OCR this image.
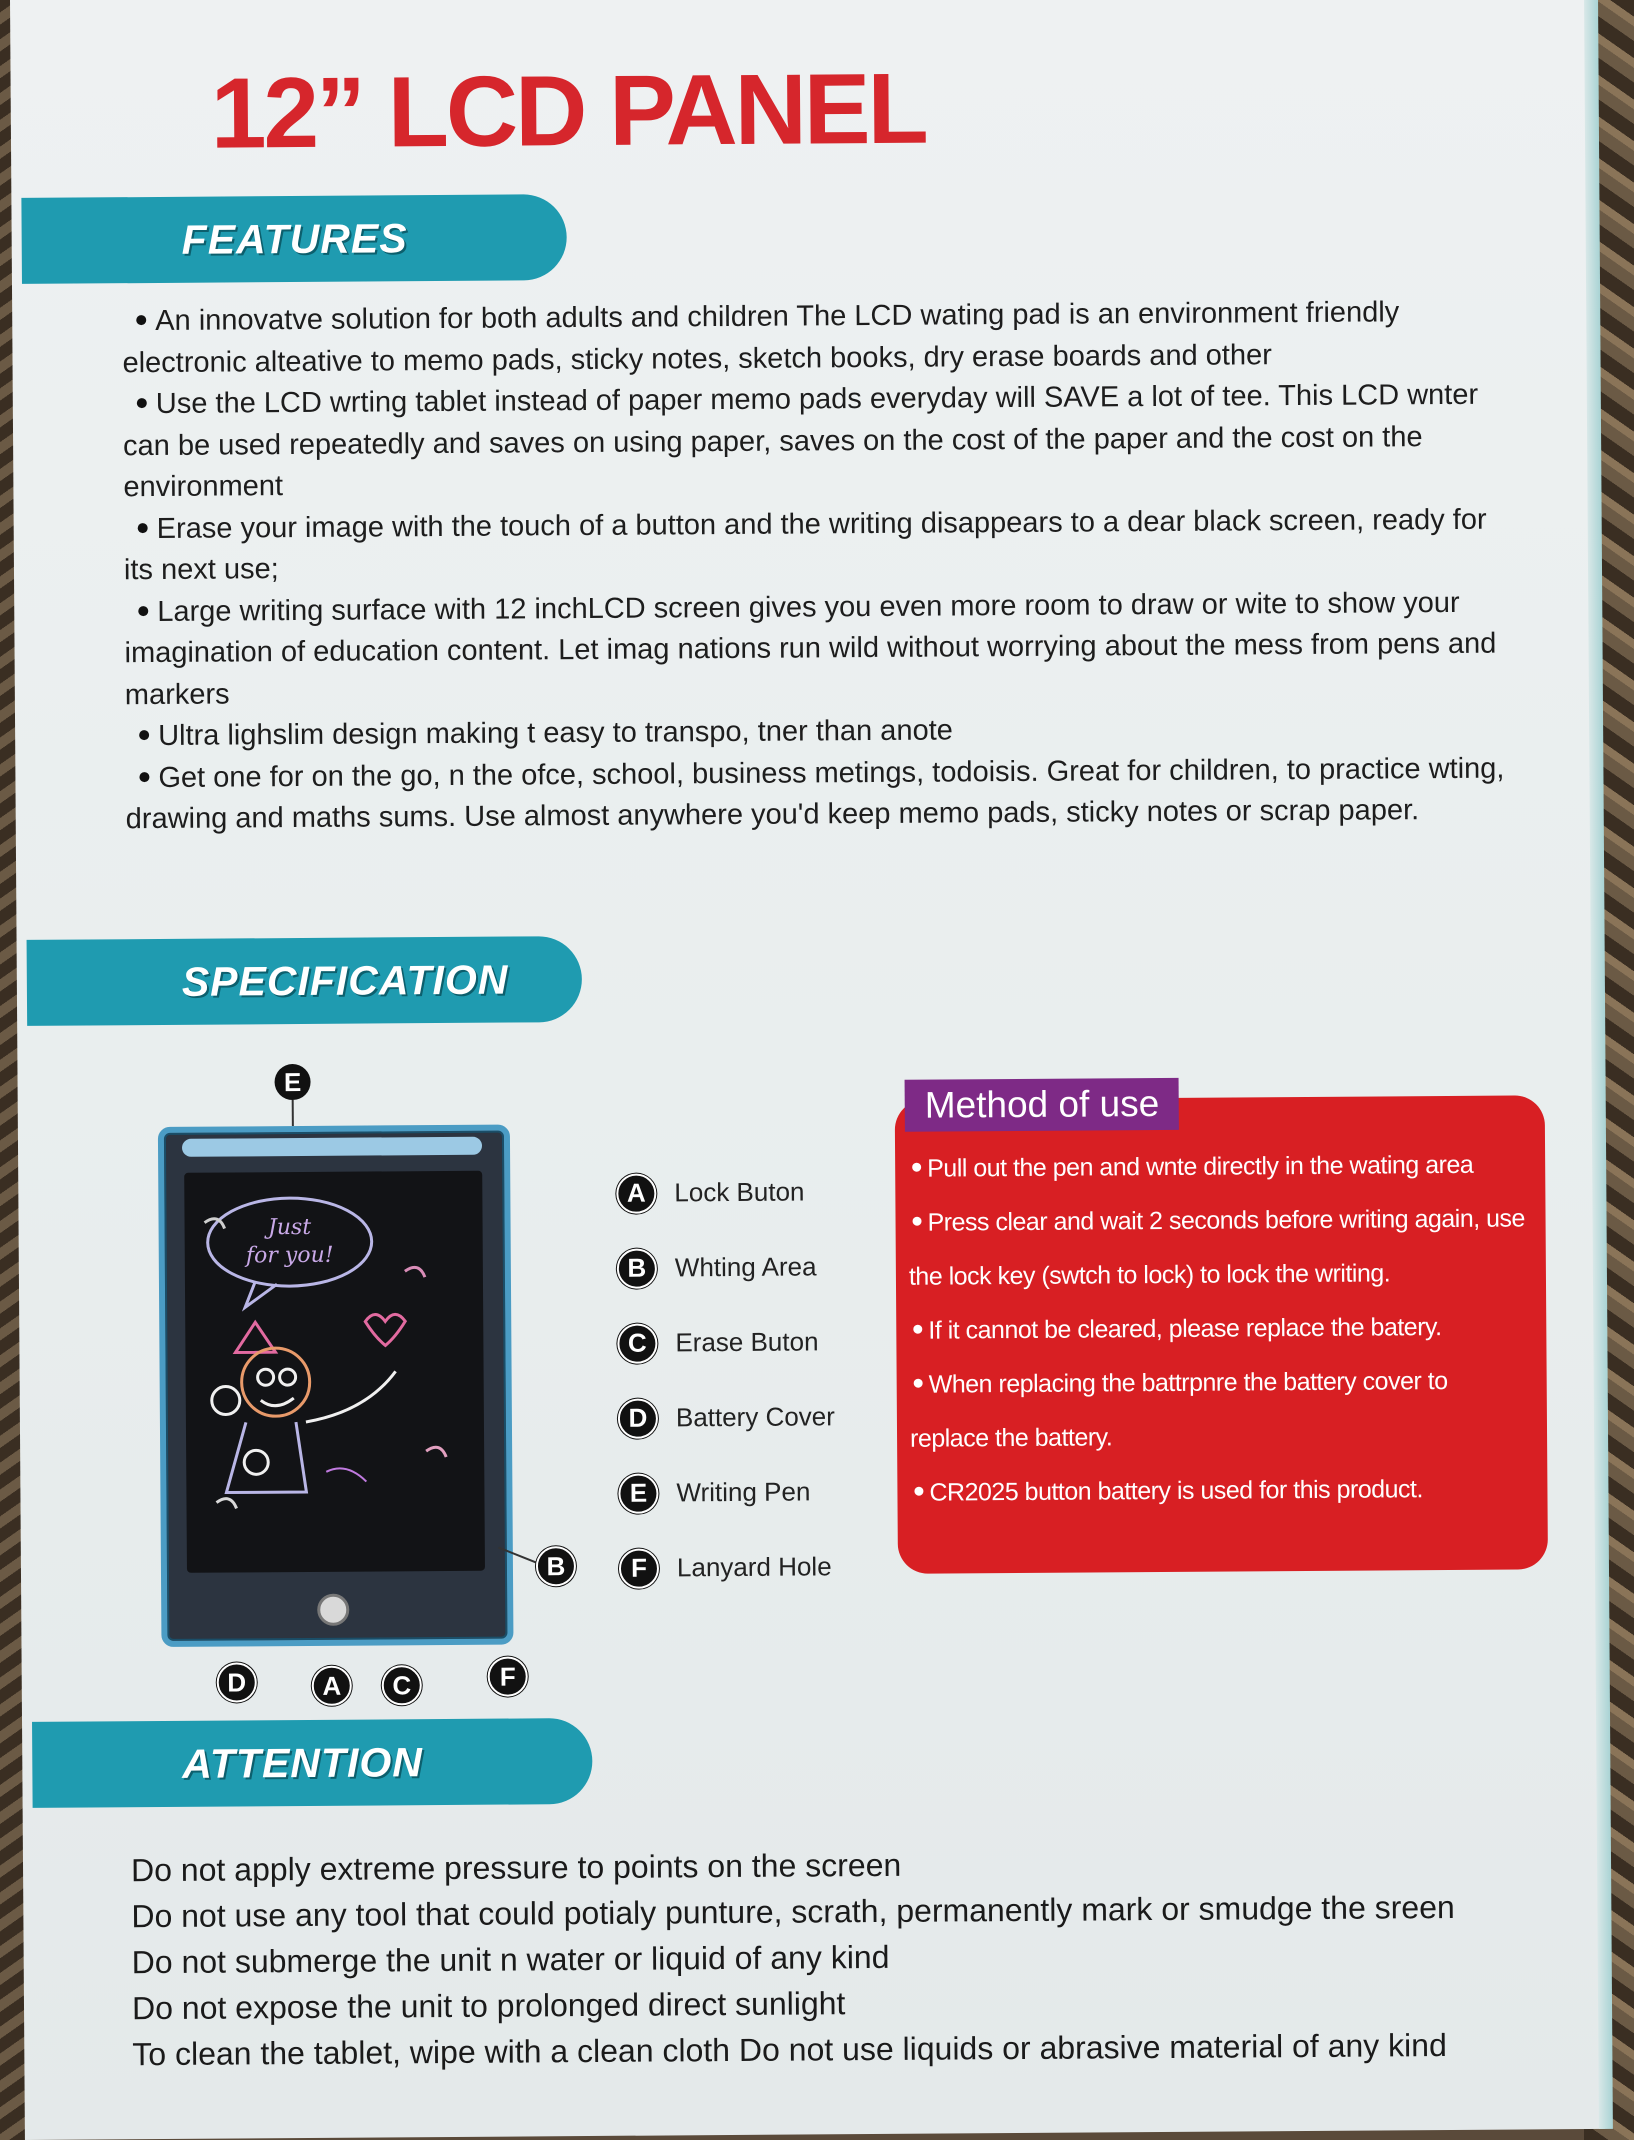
12” LCD PANEL
FEATURES

An innovatve solution for both adults and children The LCD wating pad is an environment friendly electronic alteative to memo pads, sticky notes, sketch books, dry erase boards and other

Use the LCD wrting tablet instead of paper memo pads everyday will SAVE a lot of tee. This LCD wnter can be used repeatedly and saves on using paper, saves on the cost of the paper and the cost on the environment

Erase your image with the touch of a button and the writing disappears to a dear black screen, ready for its next use;

Large writing surface with 12 inchLCD screen gives you even more room to draw or wite to show your imagination of education content. Let imag nations run wild without worrying about the mess from pens and markers

Ultra lighslim design making t easy to transpo, tner than anote

Get one for on the go, n the ofce, school, business metings, todoisis. Great for children, to practice wting, drawing and maths sums. Use almost anywhere you'd keep memo pads, sticky notes or scrap paper.

SPECIFICATION
E
Just
for you!
B
D	A	C	F
A	Lock Buton
B	Whting Area
C	Erase Buton
D	Battery Cover
E	Writing Pen
F	Lanyard Hole
Method of use

Pull out the pen and wnte directly in the wating area

Press clear and wait 2 seconds before writing again, use the lock key (swtch to lock) to lock the writing.

If it cannot be cleared, please replace the batery.

When replacing the battrpnre the battery cover to replace the battery.

CR2025 button battery is used for this product.

ATTENTION

Do not apply extreme pressure to points on the screen

Do not use any tool that could potialy punture, scrath, permanently mark or smudge the sreen

Do not submerge the unit n water or liquid of any kind

Do not expose the unit to prolonged direct sunlight

To clean the tablet, wipe with a clean cloth Do not use liquids or abrasive material of any kind
